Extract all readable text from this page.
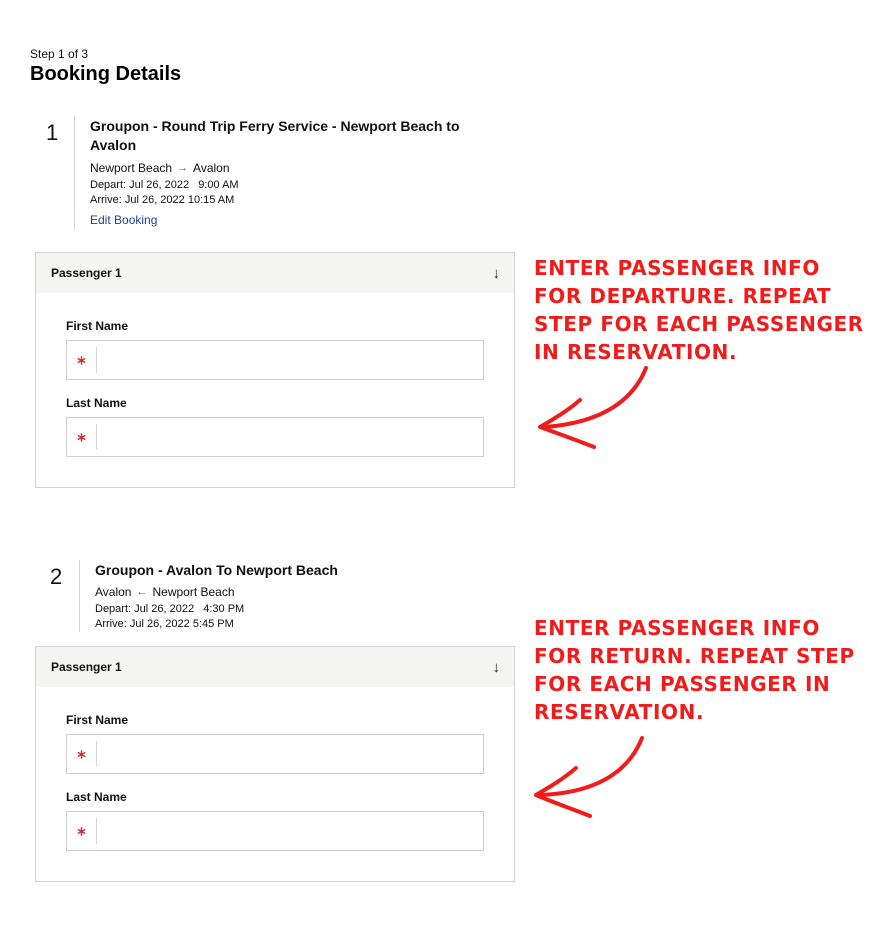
Step 1 of 3
Booking Details
1 Groupon - Round Trip Ferry Service - Newport Beach to Avalon
Newport Beach → Avalon
Depart: Jul 26, 2022   9:00 AM
Arrive: Jul 26, 2022 10:15 AM
Edit Booking
Passenger 1	↓
First Name
Last Name
ENTER PASSENGER INFO
FOR DEPARTURE. REPEAT
STEP FOR EACH PASSENGER
IN RESERVATION.
2 Groupon - Avalon To Newport Beach
Avalon ← Newport Beach
Depart: Jul 26, 2022   4:30 PM
Arrive: Jul 26, 2022 5:45 PM
Passenger 1	↓
First Name
Last Name
ENTER PASSENGER INFO
FOR RETURN. REPEAT STEP
FOR EACH PASSENGER IN
RESERVATION.
